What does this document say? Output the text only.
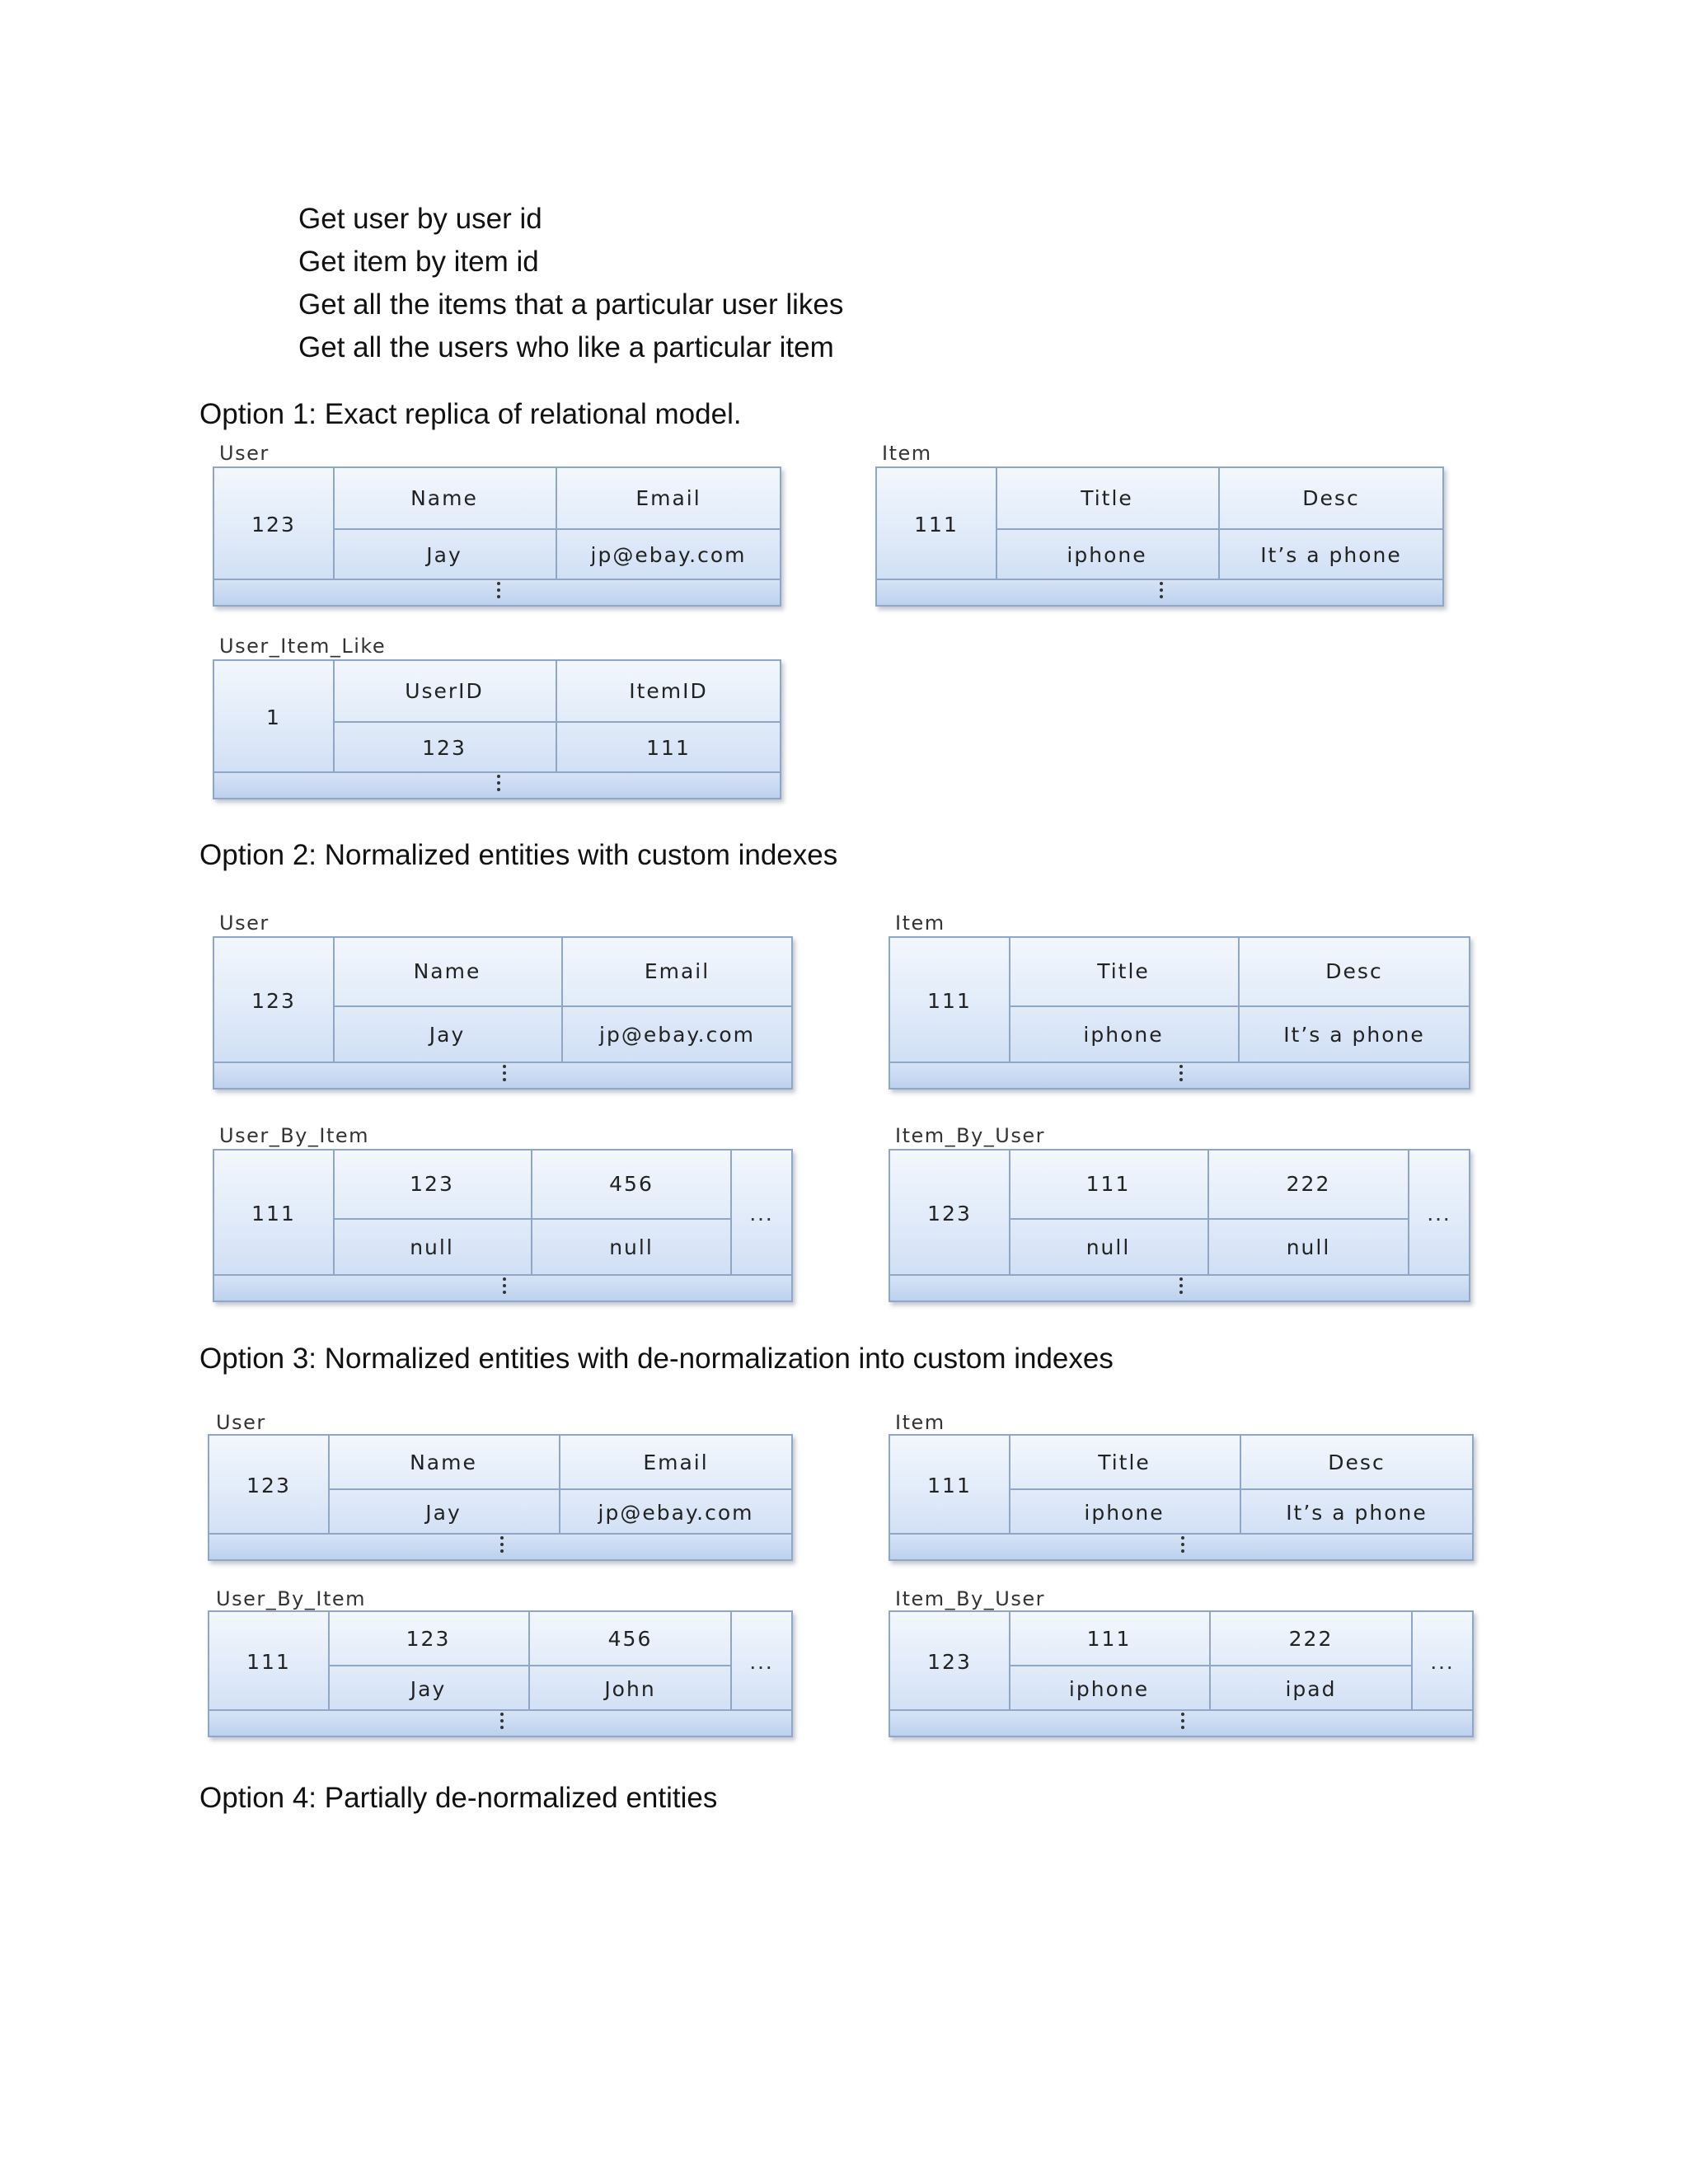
Get user by user id
Get item by item id
Get all the items that a particular user likes
Get all the users who like a particular item
Option 1: Exact replica of relational model.
Option 2: Normalized entities with custom indexes
Option 3: Normalized entities with de-normalization into custom indexes
Option 4: Partially de-normalized entities
User
123
Name
Jay
Email
jp@ebay.com
Item
111
Title
iphone
Desc
It’s a phone
User_Item_Like
1
UserID
123
ItemID
111
User
123
Name
Jay
Email
jp@ebay.com
Item
111
Title
iphone
Desc
It’s a phone
User_By_Item
111
123
null
456
null
...
Item_By_User
123
111
null
222
null
...
User
123
Name
Jay
Email
jp@ebay.com
Item
111
Title
iphone
Desc
It’s a phone
User_By_Item
111
123
Jay
456
John
...
Item_By_User
123
111
iphone
222
ipad
...
